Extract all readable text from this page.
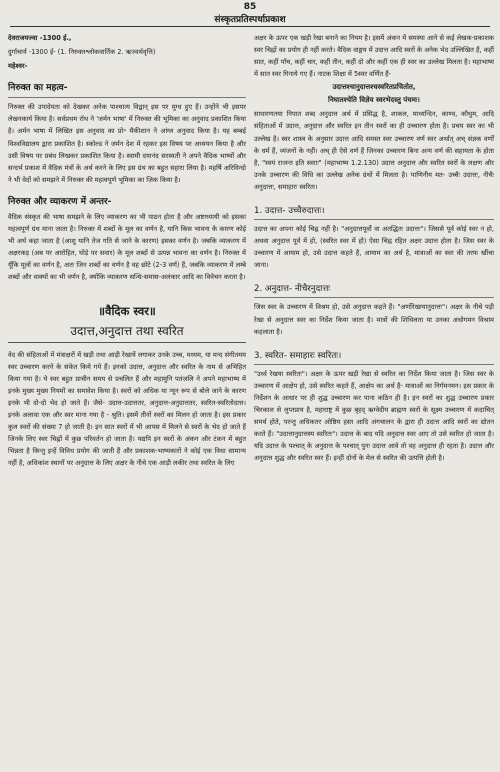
85
संस्कृतप्रतिस्पर्धाप्रकाश

देवराजयज्वा -1300 ई.,

दुर्गाचार्य -1300 ई- (1. निरुक्तश्लोकवार्तिक 2. ऋज्वर्थवृत्ति)

महेश्वर-

निरुक्त का महत्व-

निरुक्त की उपादेयता को देखकर अनेक पाश्चात्य विद्वान् इस पर मुग्ध हुए हैं। उन्होंने भी इसपर लेखनकार्य किया है। सर्वप्रथम रॉथ ने 'जर्मन भाषा' में निरुक्त की भूमिका का अनुवाद प्रकाशित किया है। अर्मन भाषा में लिखित इस अनुवाद का प्रो॰ मैकीशान ने आंग्ल अनुवाद किया है। यह बम्बई विश्वविद्यालय द्वारा प्रकाशित है। स्कोल्ड ने जर्मन देश में रहकर इस विषय पर अध्ययन किया है और उसी विषय पर प्रबंध लिखकर प्रकाशित किया है। स्वामी दयानंद सरस्वती ने अपने वैदिक भाष्यों और सन्दर्भ प्रकाश में वैदिक मंत्रों के अर्थ करने के लिए इस ग्रंथ का बहुत सहारा लिया है। महर्षि अरिविन्दो ने भी वेदों को समझने में निरुक्त की महत्वपूर्ण भूमिका का ज़िक किया है।

निरुक्त और व्याकरण में अन्तर-

वैदिक संस्कृत की भाषा समझने के लिए व्याकरण का भी पाठन होता है और अष्टाध्यायी को इसका महत्वपूर्ण ग्रंथ माना जाता है। निरुक्त में शब्दों के मूल का वर्णन है, यानि किस भावना के कारण कोई भी अर्थ कहा जाता है (आशु यानि तेज गति से जाने के कारण) इसका वर्णन है। जबकि व्याकरण में अक्षरकड़ (अब पर आरोहित, घोड़े पर सवार) के मूल शब्दों से उत्पन्न भावना का वर्णन है। निरुक्त में यूँकि मूलों का वर्णन है, अतः जिन शब्दों का वर्णन है वह छोटे (2-3 वर्ण) हैं, जबकि व्याकरण में लम्बे शब्दों और वाक्यों का भी वर्णन है, क्योंकि व्याकरण सन्धि-समास-अलंकार आदि का विवेचन करता है।

॥वैदिक स्वर॥
उदात्त,अनुदात्त तथा स्वरित

वेद की संहिताओं में मंत्राक्षरों में खड़ी तथा आड़ी रेखायें लगाकर उनके उच्च, मध्यम, या मन्द संगीतमय स्वर उच्चारण करने के संकेत किये गये हैं। इनको उदात्त, अनुदात्त और स्वरित के नाम से अभिहित किया गया है। ये स्वर बहुत प्राचीन समय से प्रचलित हैं और महामुनि पतंजलि ने अपने महाभाष्य में इनके मुख्य मुख्य नियमों का समावेश किया है। स्वरों को अधिक या न्यून रूप से बोले जाने के कारण इनके भी दो-दो भेद हो जाते हैं। जैसे- उदात्त-उदात्ततर, अनुदात्त-अनुदात्ततर, स्वरित-स्वरितोदात्त। इनके अलावा एक और स्वर माना गया है - श्रुति। इसमें तीनों स्वरों का मिलन हो जाता है। इस प्रकार कुल स्वरों की संख्या 7 हो जाती है। इन सात स्वरों में भी आपस में मिलने से स्वरों के भेद हो जाते हैं जिनके लिए स्वर चिह्नों में कुछ परिवर्तन हो जाता है। यद्यपि इन स्वरों के अंकन और टंकन में बहुत भिन्नता है किन्तु इन्हें विविध प्रयोग की जाती हैं और प्रकाशक-भाष्यकारों ने कोई एक विधा सामान्य नहीं है, अधिकांश स्थानों पर अनुदात्त के लिए अक्षर के नीचे एक आड़ी लकीर तथा स्वरित के लिए

अक्षर के ऊपर एक खड़ी रेखा बनाने का नियम है। इसमें अंकन में समस्या आने से कई लेखक-प्रकाशक स्वर चिह्नों का प्रयोग ही नहीं करते। वैदिक वाङ्मय में उदात्त आदि स्वरों के अनेक भेद उल्लिखित हैं, कहीं सात, कहीं पाँच, कहीं चार, कहीं तीन, कहीं दो और कहीं एक ही स्वर का उल्लेख मिलता है। महाभाष्य में सात स्वर गिनाये गए हैं। नाटक शिक्षा में 5स्वर वर्णित हैं-

उदात्तश्चानुदात्तश्चस्वरितप्रचितोत,
निघातश्चेति विज्ञेय स्वरभेदस्तु पंचमः।

साधारणतया निपात शब्द अनुदात्त अर्थ में प्रसिद्ध है, शाकल, माध्यन्दिन, काण्व, कौथुम, आदि संहिताओं में उदात्त, अनुदात्त और स्वरित इन तीन स्वरों का ही उच्चारण होता है। प्रचय स्वर का भी उल्लेख है। स्वर शास्त्र के अनुसार उदात्त आदि समस्त स्वर उच्चारण वर्ण स्वर अर्थात् अच् संज्ञक वर्णों के धर्म हैं, व्यंजनों के नहीं। अच् ही ऐसे वर्ण हैं जिनका उच्चारण बिना अन्य वर्ण की सहायता के होता है, "स्वयं राजन्त इति स्वराः" (महाभाष्य 1.2.130) उदात्त अनुदात्त और स्वरित स्वरों के लक्षण और उनके उच्चारण की विधि का उल्लेख अनेक ग्रंथों में मिलता है। पाणिनीय मत- उच्चैः उदात्तः, नीचैः अनुदात्तः, समाहारः स्वरितः।

1. उदात्त- उच्चैरुदात्तः।

उदात्त का अपना कोई चिह्न नहीं है। "अनुदात्तपूर्वो वा अतद्धितः उदात्तः"। जिससे पूर्व कोई स्वर न हो, अथवा अनुदात्त पूर्व में हो, (स्वरित स्वर में हो) ऐसा चिह्न रहित अक्षर उदात्त होता है। जिस स्वर के उच्चारण में आयाम हो, उसे उदात्त कहते हैं, आयाम का अर्थ है, मात्राओं का स्वर की तरफ खींचा जाना।

2. अनुदात्त- नीचैरनुदात्तः

जिस स्वर के उच्चारण में विश्रम हो, उसे अनुदात्त कहते हैं। "अर्णोरेखायानुदात्तः"। अक्षर के नीचे पड़ी रेखा से अनुदात्त स्वर का निर्देश किया जाता है। मात्रों की शिथिलता या उनका अधोगमन विश्राम कहलाता है।

3. स्वरित- समाहारः स्वरितः।

"उर्ध्व रेखया स्वरितः"। अक्षर के ऊपर खड़ी रेखा से स्वरित का निर्देश किया जाता है। जिस स्वर के उच्चारण में आक्षेप हो, उसे स्वरित कहते हैं, आक्षेप का अर्थ है- मात्राओं का निर्गमनमन। इस प्रकार के निर्देशन के आधार पर ही शुद्ध उच्चारण कर पाना कठिन ही है। इन स्वरों का शुद्ध उच्चारण प्रकार चिरकाल से लुप्तप्राय है, महाराष्ट्र में कुछ बृहद् ऋग्वेदीय ब्राह्मण स्वरों के सूक्ष्म उच्चारण में कदाचित् समर्थ होते, परन्तु अधिकतर ओष्ठिय हस्त आदि अंगचालन के द्वारा ही उदात्त आदि स्वरों का द्योतन करते हैं। "उदात्तानुदात्तस्य स्वरितः"। उदात्त के बाद यदि अनुदात्त स्वर आए तो उसे स्वरित हो जाता है। यदि उदात्त के पश्चात् के अनुदात्त के पश्चात् पुनः उदात्त आवे तो वह अनुदात्त ही रहता है। उदात्त और अनुदात्त शुद्ध और स्वरित स्वर हैं। इन्हीं दोनों के मेल से स्वरित की उत्पत्ति होती है।
